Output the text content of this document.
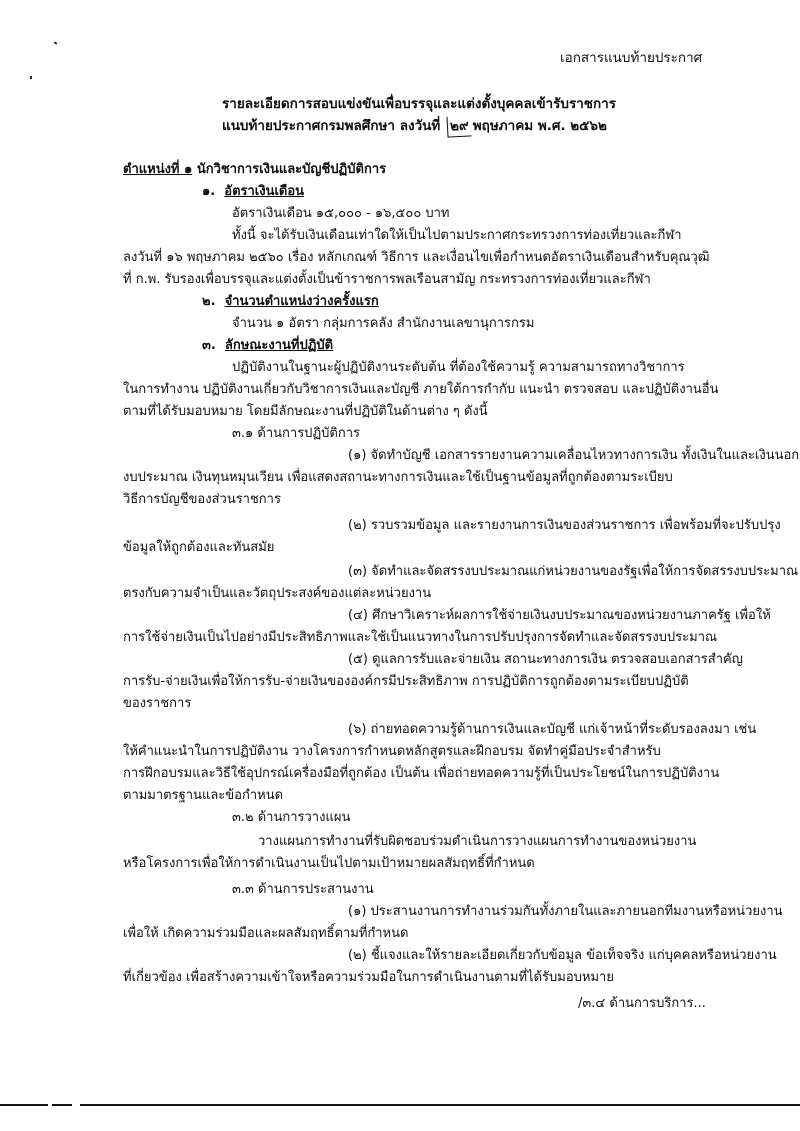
เอกสารแนบท้ายประกาศ
รายละเอียดการสอบแข่งขันเพื่อบรรจุและแต่งตั้งบุคคลเข้ารับราชการ
แนบท้ายประกาศกรมพลศึกษา ลงวันที่ ๒๙ พฤษภาคม พ.ศ. ๒๕๖๒
ตำแหน่งที่ ๑ นักวิชาการเงินและบัญชีปฏิบัติการ
๑. อัตราเงินเดือน
อัตราเงินเดือน ๑๕,๐๐๐ - ๑๖,๕๐๐ บาท
ทั้งนี้ จะได้รับเงินเดือนเท่าใดให้เป็นไปตามประกาศกระทรวงการท่องเที่ยวและกีฬา
ลงวันที่ ๑๖ พฤษภาคม ๒๕๖๐ เรื่อง หลักเกณฑ์ วิธีการ และเงื่อนไขเพื่อกำหนดอัตราเงินเดือนสำหรับคุณวุฒิ
ที่ ก.พ. รับรองเพื่อบรรจุและแต่งตั้งเป็นข้าราชการพลเรือนสามัญ กระทรวงการท่องเที่ยวและกีฬา
๒. จำนวนตำแหน่งว่างครั้งแรก
จำนวน ๑ อัตรา กลุ่มการคลัง สำนักงานเลขานุการกรม
๓. ลักษณะงานที่ปฏิบัติ
ปฏิบัติงานในฐานะผู้ปฏิบัติงานระดับต้น ที่ต้องใช้ความรู้ ความสามารถทางวิชาการ
ในการทำงาน ปฏิบัติงานเกี่ยวกับวิชาการเงินและบัญชี ภายใต้การกำกับ แนะนำ ตรวจสอบ และปฏิบัติงานอื่น
ตามที่ได้รับมอบหมาย โดยมีลักษณะงานที่ปฏิบัติในด้านต่าง ๆ ดังนี้
๓.๑ ด้านการปฏิบัติการ
(๑) จัดทำบัญชี เอกสารรายงานความเคลื่อนไหวทางการเงิน ทั้งเงินในและเงินนอก
งบประมาณ เงินทุนหมุนเวียน เพื่อแสดงสถานะทางการเงินและใช้เป็นฐานข้อมูลที่ถูกต้องตามระเบียบ
วิธีการบัญชีของส่วนราชการ
(๒) รวบรวมข้อมูล และรายงานการเงินของส่วนราชการ เพื่อพร้อมที่จะปรับปรุง
ข้อมูลให้ถูกต้องและทันสมัย
(๓) จัดทำและจัดสรรงบประมาณแก่หน่วยงานของรัฐเพื่อให้การจัดสรรงบประมาณ
ตรงกับความจำเป็นและวัตถุประสงค์ของแต่ละหน่วยงาน
(๔) ศึกษาวิเคราะห์ผลการใช้จ่ายเงินงบประมาณของหน่วยงานภาครัฐ เพื่อให้
การใช้จ่ายเงินเป็นไปอย่างมีประสิทธิภาพและใช้เป็นแนวทางในการปรับปรุงการจัดทำและจัดสรรงบประมาณ
(๕) ดูแลการรับและจ่ายเงิน สถานะทางการเงิน ตรวจสอบเอกสารสำคัญ
การรับ-จ่ายเงินเพื่อให้การรับ-จ่ายเงินขององค์กรมีประสิทธิภาพ การปฏิบัติการถูกต้องตามระเบียบปฏิบัติ
ของราชการ
(๖) ถ่ายทอดความรู้ด้านการเงินและบัญชี แก่เจ้าหน้าที่ระดับรองลงมา เช่น
ให้คำแนะนำในการปฏิบัติงาน วางโครงการกำหนดหลักสูตรและฝึกอบรม จัดทำคู่มือประจำสำหรับ
การฝึกอบรมและวิธีใช้อุปกรณ์เครื่องมือที่ถูกต้อง เป็นต้น เพื่อถ่ายทอดความรู้ที่เป็นประโยชน์ในการปฏิบัติงาน
ตามมาตรฐานและข้อกำหนด
๓.๒ ด้านการวางแผน
วางแผนการทำงานที่รับผิดชอบร่วมดำเนินการวางแผนการทำงานของหน่วยงาน
หรือโครงการเพื่อให้การดำเนินงานเป็นไปตามเป้าหมายผลสัมฤทธิ์ที่กำหนด
๓.๓ ด้านการประสานงาน
(๑) ประสานงานการทำงานร่วมกันทั้งภายในและภายนอกทีมงานหรือหน่วยงาน
เพื่อให้ เกิดความร่วมมือและผลสัมฤทธิ์ตามที่กำหนด
(๒) ชี้แจงและให้รายละเอียดเกี่ยวกับข้อมูล ข้อเท็จจริง แก่บุคคลหรือหน่วยงาน
ที่เกี่ยวข้อง เพื่อสร้างความเข้าใจหรือความร่วมมือในการดำเนินงานตามที่ได้รับมอบหมาย
/๓.๔ ด้านการบริการ...
